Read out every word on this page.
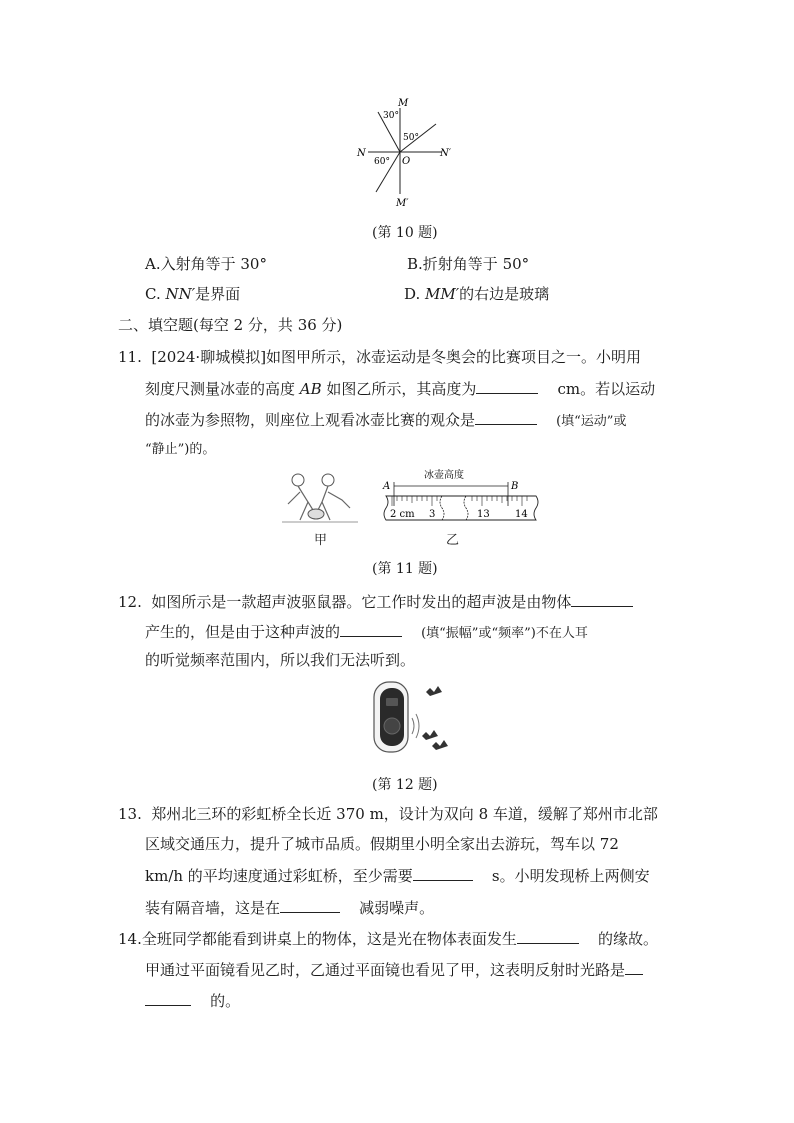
M
M′
N	N′
O
30°
50°
60°
(第 10 题)
A.入射角等于 30°	B.折射角等于 50°
C. NN′是界面	D. MM′的右边是玻璃
二、填空题(每空 2 分，共 36 分)
11. [2024·聊城模拟]如图甲所示，冰壶运动是冬奥会的比赛项目之一。小明用
刻度尺测量冰壶的高度 AB 如图乙所示，其高度为	cm。若以运动
的冰壶为参照物，则座位上观看冰壶比赛的观众是	(填“运动”或
“静止”)的。
甲
冰壶高度
A	B
2 cm 3	13	14
乙
(第 11 题)
12. 如图所示是一款超声波驱鼠器。它工作时发出的超声波是由物体
产生的，但是由于这种声波的	(填“振幅”或“频率”)不在人耳
的听觉频率范围内，所以我们无法听到。
(第 12 题)
13. 郑州北三环的彩虹桥全长近 370 m，设计为双向 8 车道，缓解了郑州市北部
区域交通压力，提升了城市品质。假期里小明全家出去游玩，驾车以 72
km/h 的平均速度通过彩虹桥，至少需要	s。小明发现桥上两侧安
装有隔音墙，这是在	减弱噪声。
14.全班同学都能看到讲桌上的物体，这是光在物体表面发生	的缘故。
甲通过平面镜看见乙时，乙通过平面镜也看见了甲，这表明反射时光路是
的。
